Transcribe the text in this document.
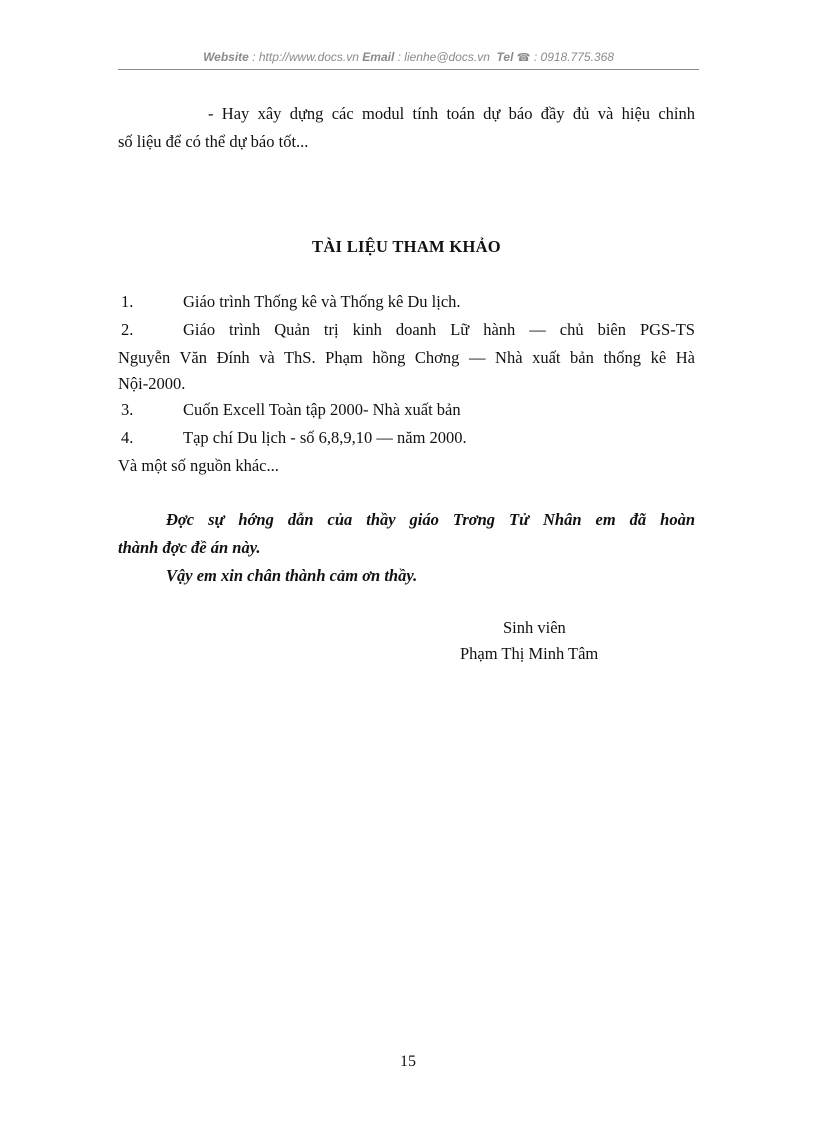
Website : http://www.docs.vn Email : lienhe@docs.vn Tel ☎ : 0918.775.368
- Hay xây dựng các modul tính toán dự báo đầy đủ và hiệu chỉnh
số liệu để có thể dự báo tốt...
TÀI LIỆU THAM KHẢO
1.	Giáo trình Thống kê và Thống kê Du lịch.
2.	Giáo trình Quản trị kinh doanh Lữ hành — chủ biên PGS-TS
Nguyễn Văn Đính và ThS. Phạm hồng Chơng — Nhà xuất bản thống kê Hà
Nội-2000.
3.	Cuốn Excell Toàn tập 2000- Nhà xuất bản
4.	Tạp chí Du lịch - số 6,8,9,10 — năm 2000.
Và một số nguồn khác...
Đợc sự hớng dẫn của thầy giáo Trơng Tử Nhân em đã hoàn
thành đợc đề án này.
Vậy em xin chân thành cảm ơn thầy.
Sinh viên
Phạm Thị Minh Tâm
15
